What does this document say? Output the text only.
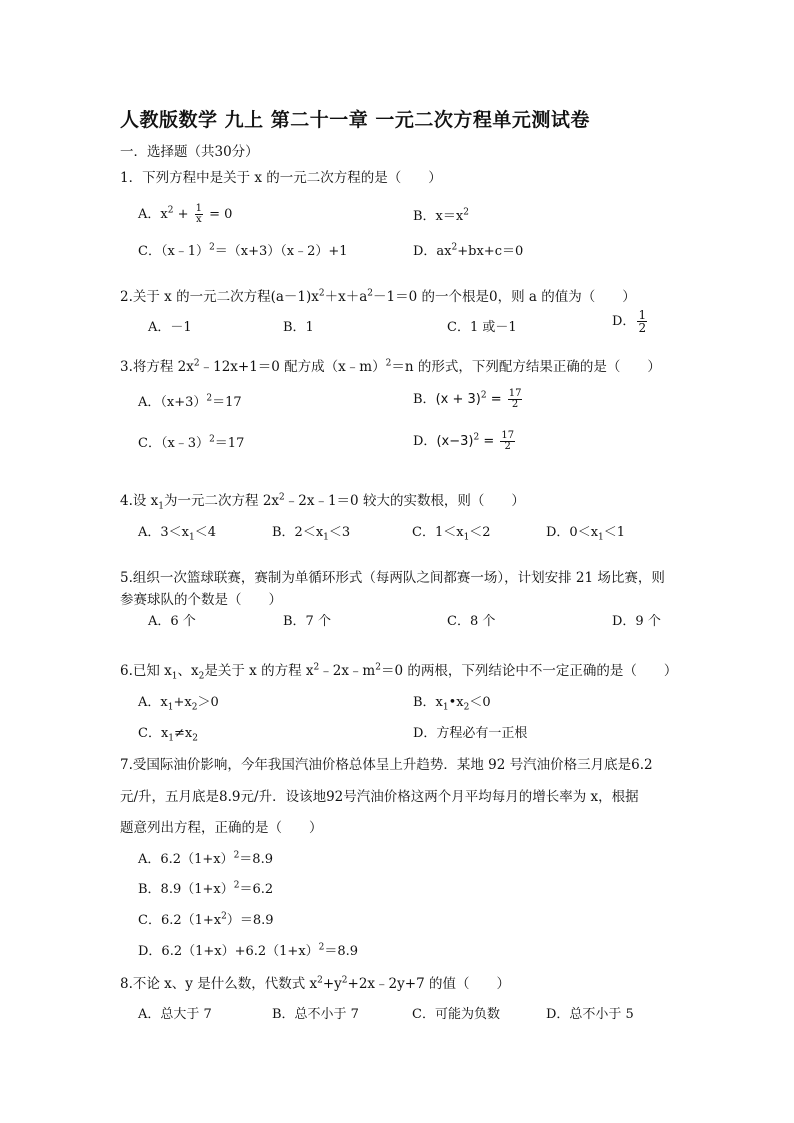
人教版数学 九上 第二十一章 一元二次方程单元测试卷
一．选择题（共30分）
1．下列方程中是关于 x 的一元二次方程的是（　　）
A．$x^2 + \frac{1}{x} = 0$	B．$x=x^2$
C．（x﹣1）$^2$＝（x+3）（x﹣2）+1	D．$ax^2+bx+c=0$
2.关于 x 的一元二次方程$(a-1)x^2+x+a^2-1=0$ 的一个根是0，则 a 的值为（　　）
A．－1	B．1	C．1 或－1	D． $\frac{1}{2}$
3.将方程 $2x^2﹣12x+1=0$ 配方成（x﹣m）$^2$＝n 的形式，下列配方结果正确的是（　　）
A．$(x+3)^2=17$	B．$(x + 3)^2 = \frac{17}{2}$
C．（x﹣3）$^2$＝17	D．$(x-3)^2 = \frac{17}{2}$
4.设 $x_1$为一元二次方程 $2x^2﹣2x﹣1=0$ 较大的实数根，则（　　）
A．$3<x_1<4$	B．$2<x_1<3$	C．$1<x_1<2$	D．$0<x_1<1$
5.组织一次篮球联赛，赛制为单循环形式（每两队之间都赛一场），计划安排 21 场比赛，则
参赛球队的个数是（　　）
A．6 个	B．7 个	C．8 个	D．9 个
6.已知 $x_1$、$x_2$是关于 x 的方程 $x^2﹣2x﹣m^2=0$ 的两根，下列结论中不一定正确的是（　　）
A．$x_1+x_2>0$	B．$x_1•x_2<0$
C．$x_1\ne x_2$	D．方程必有一正根
7.受国际油价影响，今年我国汽油价格总体呈上升趋势．某地 92 号汽油价格三月底是6.2
元/升，五月底是8.9元/升．设该地92号汽油价格这两个月平均每月的增长率为 x，根据
题意列出方程，正确的是（　　）
A．$6.2(1+x)^2=8.9$
B．$8.9(1+x)^2=6.2$
C．$6.2(1+x^2)=8.9$
D．$6.2(1+x)+6.2(1+x)^2=8.9$
8.不论 x、y 是什么数，代数式 $x^2+y^2+2x﹣2y+7$ 的值（　　）
A．总大于 7	B．总不小于 7	C．可能为负数	D．总不小于 5
